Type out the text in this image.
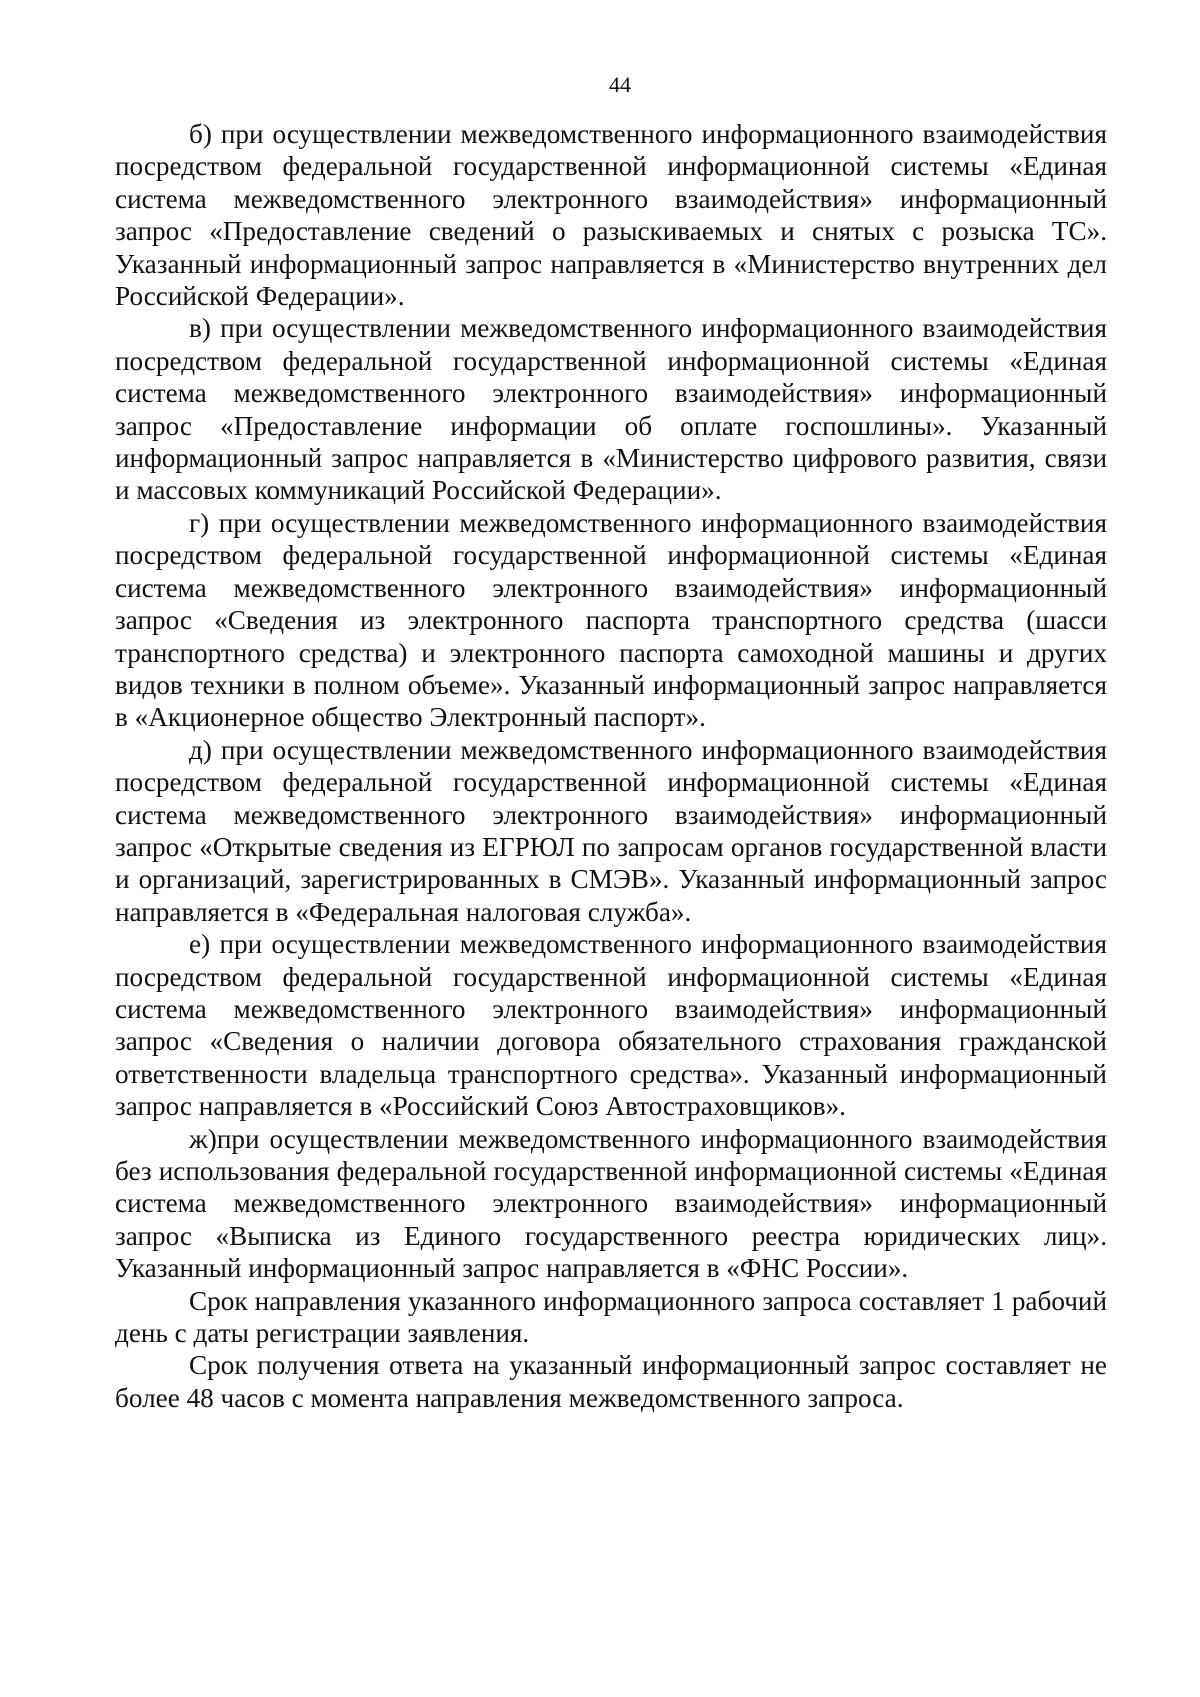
44

б) при осуществлении межведомственного информационного взаимодействия посредством федеральной государственной информационной системы «Единая система межведомственного электронного взаимодействия» информационный запрос «Предоставление сведений о разыскиваемых и снятых с розыска ТС». Указанный информационный запрос направляется в «Министерство внутренних дел Российской Федерации».

в) при осуществлении межведомственного информационного взаимодействия посредством федеральной государственной информационной системы «Единая система межведомственного электронного взаимодействия» информационный запрос «Предоставление информации об оплате госпошлины». Указанный информационный запрос направляется в «Министерство цифрового развития, связи и массовых коммуникаций Российской Федерации».

г) при осуществлении межведомственного информационного взаимодействия посредством федеральной государственной информационной системы «Единая система межведомственного электронного взаимодействия» информационный запрос «Сведения из электронного паспорта транспортного средства (шасси транспортного средства) и электронного паспорта самоходной машины и других видов техники в полном объеме». Указанный информационный запрос направляется в «Акционерное общество Электронный паспорт».

д) при осуществлении межведомственного информационного взаимодействия посредством федеральной государственной информационной системы «Единая система межведомственного электронного взаимодействия» информационный запрос «Открытые сведения из ЕГРЮЛ по запросам органов государственной власти и организаций, зарегистрированных в СМЭВ». Указанный информационный запрос направляется в «Федеральная налоговая служба».

е) при осуществлении межведомственного информационного взаимодействия посредством федеральной государственной информационной системы «Единая система межведомственного электронного взаимодействия» информационный запрос «Сведения о наличии договора обязательного страхования гражданской ответственности владельца транспортного средства». Указанный информационный запрос направляется в «Российский Союз Автостраховщиков».

ж)при осуществлении межведомственного информационного взаимодействия без использования федеральной государственной информационной системы «Единая система межведомственного электронного взаимодействия» информационный запрос «Выписка из Единого государственного реестра юридических лиц». Указанный информационный запрос направляется в «ФНС России».

Срок направления указанного информационного запроса составляет 1 рабочий день с даты регистрации заявления.

Срок получения ответа на указанный информационный запрос составляет не более 48 часов с момента направления межведомственного запроса.
